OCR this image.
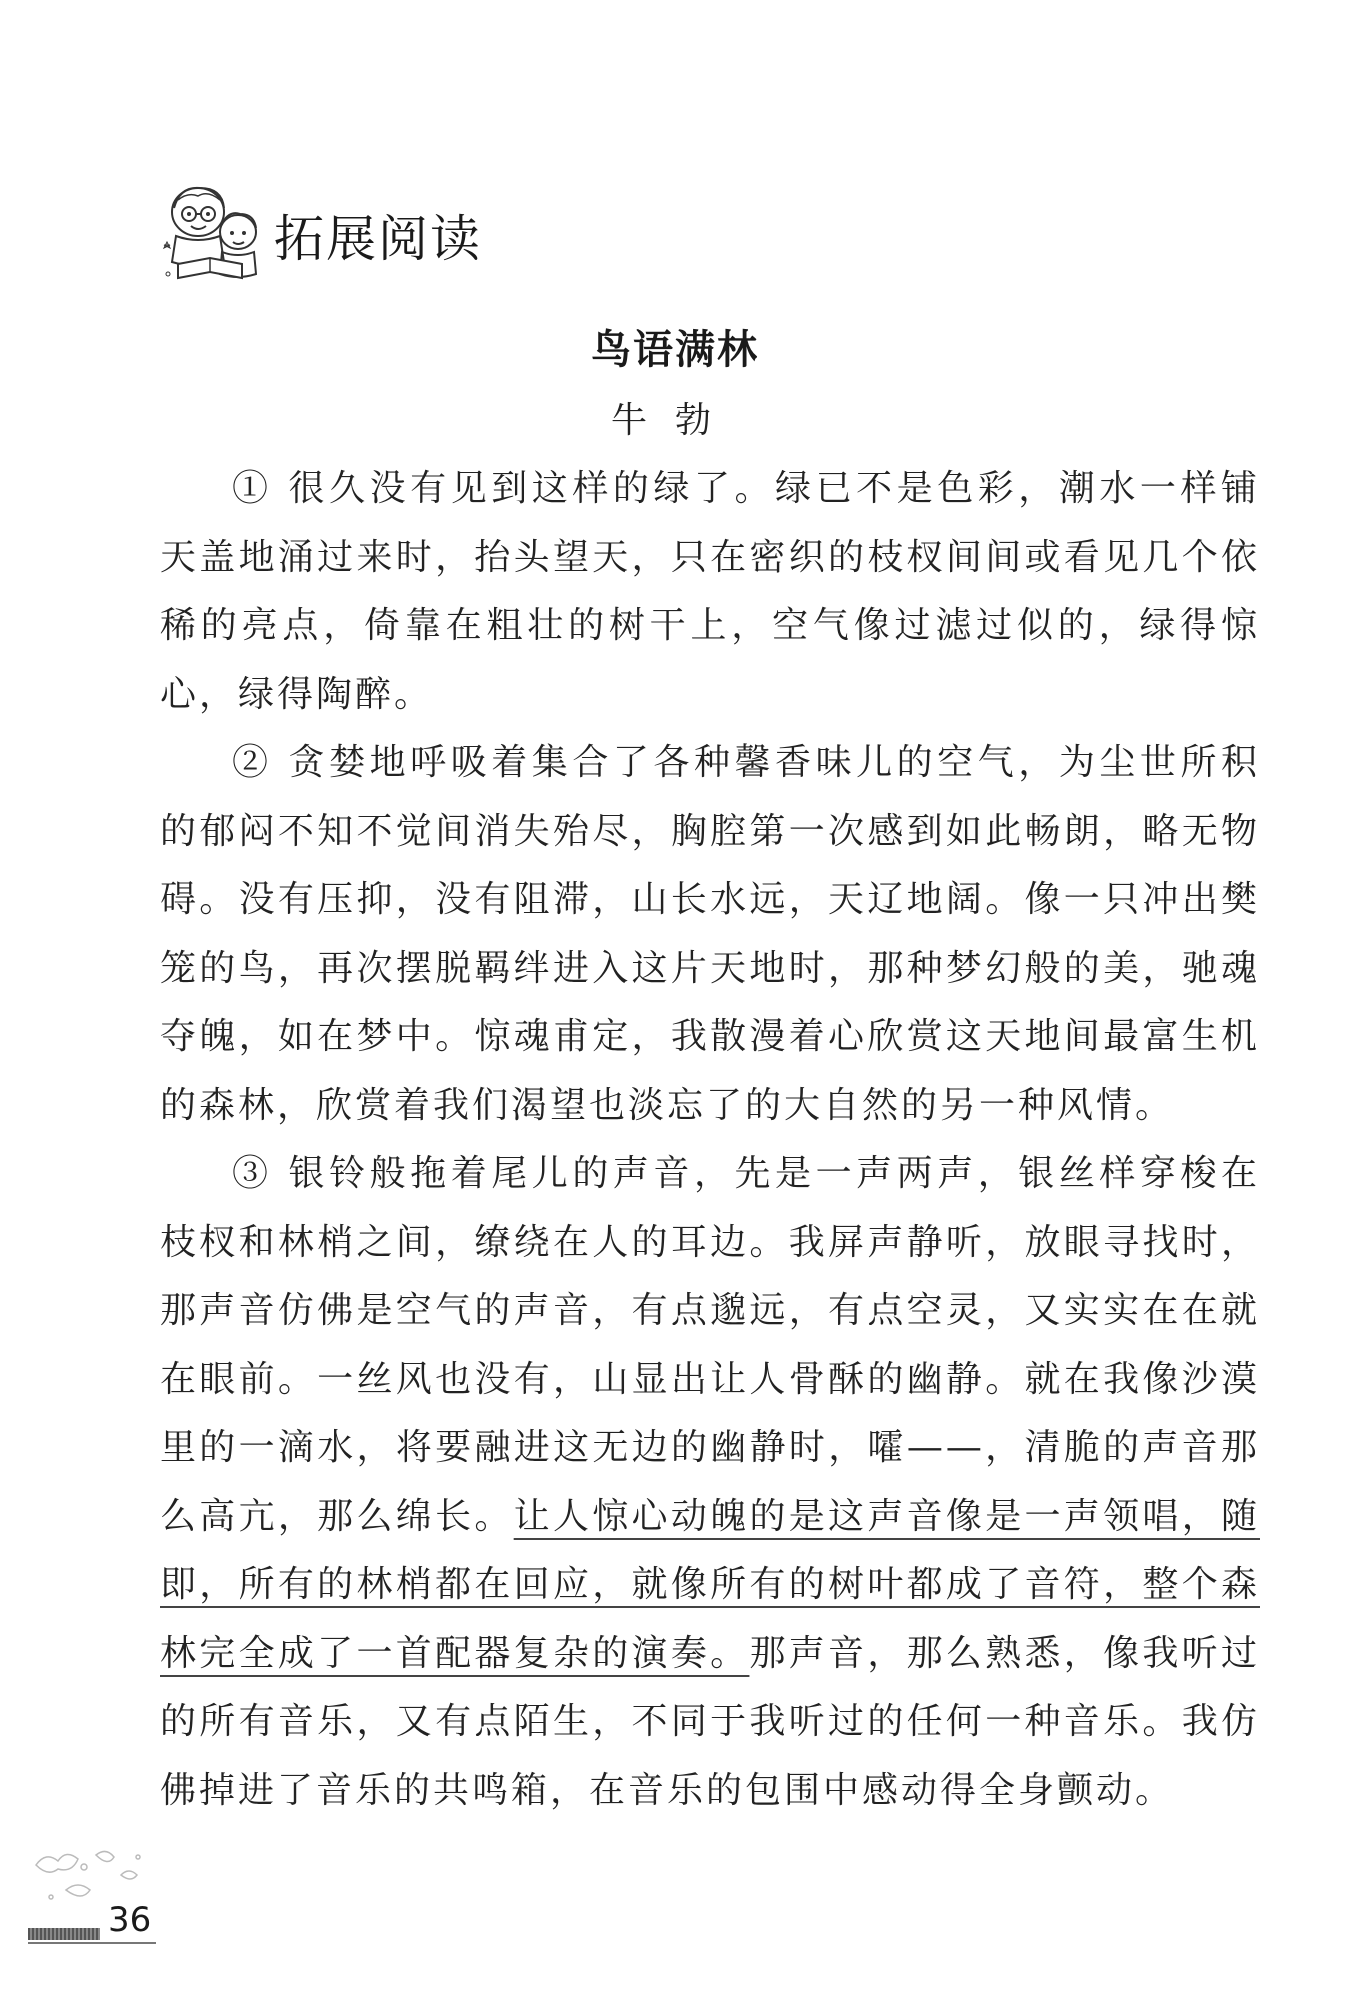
拓展阅读
鸟语满林
牛勃

① 很久没有见到这样的绿了。绿已不是色彩，潮水一样铺天盖地涌过来时，抬头望天，只在密织的枝杈间间或看见几个依稀的亮点，倚靠在粗壮的树干上，空气像过滤过似的，绿得惊心，绿得陶醉。

② 贪婪地呼吸着集合了各种馨香味儿的空气，为尘世所积的郁闷不知不觉间消失殆尽，胸腔第一次感到如此畅朗，略无物碍。没有压抑，没有阻滞，山长水远，天辽地阔。像一只冲出樊笼的鸟，再次摆脱羁绊进入这片天地时，那种梦幻般的美，驰魂夺魄，如在梦中。惊魂甫定，我散漫着心欣赏这天地间最富生机的森林，欣赏着我们渴望也淡忘了的大自然的另一种风情。

③ 银铃般拖着尾儿的声音，先是一声两声，银丝样穿梭在枝杈和林梢之间，缭绕在人的耳边。我屏声静听，放眼寻找时，那声音仿佛是空气的声音，有点邈远，有点空灵，又实实在在就在眼前。一丝风也没有，山显出让人骨酥的幽静。就在我像沙漠里的一滴水，将要融进这无边的幽静时，嚯——，清脆的声音那么高亢，那么绵长。让人惊心动魄的是这声音像是一声领唱，随即，所有的林梢都在回应，就像所有的树叶都成了音符，整个森林完全成了一首配器复杂的演奏。那声音，那么熟悉，像我听过的所有音乐，又有点陌生，不同于我听过的任何一种音乐。我仿佛掉进了音乐的共鸣箱，在音乐的包围中感动得全身颤动。

36
